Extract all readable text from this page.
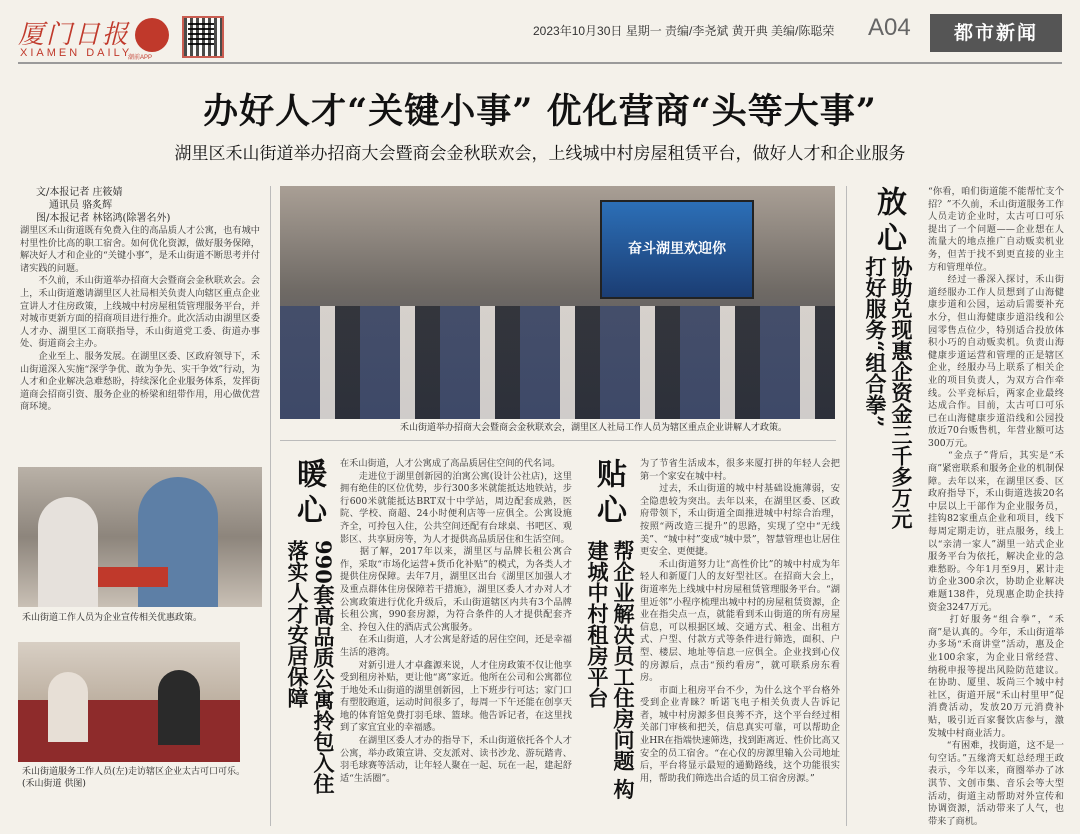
厦门日报
XIAMEN DAILY
潮前APP
2023年10月30日 星期一 责编/李尧斌 黄开典 美编/陈聪荣 A04	都市新闻
办好人才“关键小事” 优化营商“头等大事”
湖里区禾山街道举办招商大会暨商会金秋联欢会，上线城中村房屋租赁平台，做好人才和企业服务
文/本报记者 庄筱婧
通讯员 骆炙辉
图/本报记者 林铭鸿(除署名外)
湖里区禾山街道既有免费入住的高品质人才公寓，也有城中村里性价比高的职工宿舍。如何优化资源，做好服务保障，解决好人才和企业的“关键小事”，是禾山街道不断思考并付诸实践的问题。
　　不久前，禾山街道举办招商大会暨商会金秋联欢会。会上，禾山街道邀请湖里区人社局相关负责人向辖区重点企业宣讲人才住房政策，上线城中村房屋租赁管理服务平台，并对城市更新方面的招商项目进行推介。此次活动由湖里区委人才办、湖里区工商联指导，禾山街道党工委、街道办事处、街道商会主办。
　　企业至上、服务发展。在湖里区委、区政府领导下，禾山街道深入实施“深学争优、敢为争先、实干争效”行动，为人才和企业解决急难愁盼，持续深化企业服务体系，发挥街道商会招商引资、服务企业的桥梁和纽带作用，用心做优营商环境。
禾山街道工作人员为企业宣传相关优惠政策。
禾山街道服务工作人员(左)走访辖区企业太古可口可乐。      (禾山街道 供图)
奋斗湖里欢迎你
禾山街道举办招商大会暨商会金秋联欢会，湖里区人社局工作人员为辖区重点企业讲解人才政策。
暖心
990套高品质公寓拎包入住 落实人才安居保障
在禾山街道，人才公寓成了高品质居住空间的代名词。
　　走进位于湖里创新园的泊寓公寓(设计公社店)，这里拥有绝佳的区位优势，步行300多米就能抵达地铁站，步行600米就能抵达BRT双十中学站，周边配套成熟，医院、学校、商超、24小时便利店等一应俱全。公寓设施齐全，可拎包入住，公共空间还配有台球桌、书吧区、观影区、共享厨房等，为人才提供高品质居住和生活空间。
　　据了解，2017年以来，湖里区与品牌长租公寓合作，采取“市场化运营+货币化补贴”的模式，为各类人才提供住房保障。去年7月，湖里区出台《湖里区加强人才及重点群体住房保障若干措施》，湖里区委人才办对人才公寓政策进行优化升级后，禾山街道辖区内共有3个品牌长租公寓，990套房源，为符合条件的人才提供配套齐全、拎包入住的酒店式公寓服务。
　　在禾山街道，人才公寓是舒适的居住空间，还是幸福生活的港湾。
　　对新引进人才卓鑫源来说，人才住房政策不仅让他享受到租房补贴，更让他“离”家近。他所在公司和公寓都位于地处禾山街道的湖里创新园，上下班步行可达；家门口有塑胶跑道，运动时间很多了，每周一下午还能在创享天地的体育馆免费打羽毛球、篮球。他告诉记者，在这里找到了家宜宜业的幸福感。
　　在湖里区委人才办的指导下，禾山街道依托各个人才公寓，举办政策宣讲、交友派对、读书沙龙、游玩踏青、羽毛球赛等活动，让年轻人聚在一起、玩在一起，建起舒适“生活圈”。
贴心
帮企业解决员工住房问题 构建城中村租房平台
为了节省生活成本，很多来厦打拼的年轻人会把第一个家安在城中村。
　　过去，禾山街道的城中村基础设施薄弱，安全隐患较为突出。去年以来，在湖里区委、区政府带领下，禾山街道全面推进城中村综合治理，按照“两改造三提升”的思路，实现了空中“无线美”、“城中村”变成“城中景”，智慧管理也让居住更安全、更便捷。
　　禾山街道努力让“高性价比”的城中村成为年轻人和新厦门人的友好型社区。在招商大会上，街道率先上线城中村房屋租赁管理服务平台。“湖里近邻”小程序梳理出城中村的房屋租赁资源，企业在指尖点一点，就能看到禾山街道的所有房屋信息，可以根据区域、交通方式、租金、出租方式、户型、付款方式等条件进行筛选，面积、户型、楼层、地址等信息一应俱全。企业找到心仪的房源后，点击“预约看房”，就可联系房东看房。
　　市面上租房平台不少，为什么这个平台格外受到企业青睐？昕诺飞电子相关负责人告诉记者，城中村房源多但良莠不齐，这个平台经过相关部门审核和把关，信息真实可靠，可以帮助企业HR在指端快速筛选，找到距离近、性价比高又安全的员工宿舍。“在心仪的房源里输入公司地址后，平台将显示最短的通勤路线，这个功能很实用，帮助我们筛选出合适的员工宿舍房源。”
放心
协助兑现惠企资金三千多万元 打好服务“组合拳”
“你看，咱们街道能不能帮忙支个招？”不久前，禾山街道服务工作人员走访企业时，太古可口可乐提出了一个问题——企业想在人流量大的地点推广自动贩卖机业务，但苦于找不到更直接的业主方和管理单位。
　　经过一番深入探讨，禾山街道经服办工作人员想到了山海健康步道和公园，运动后需要补充水分，但山海健康步道沿线和公园零售点位少，特别适合投放体积小巧的自动贩卖机。负责山海健康步道运营和管理的正是辖区企业，经服办马上联系了相关企业的项目负责人，为双方合作牵线。公平竞标后，两家企业最终达成合作。目前，太古可口可乐已在山海健康步道沿线和公园投放近70台贩售机，年营业额可达300万元。
　　“金点子”背后，其实是“禾商”紧密联系和服务企业的机制保障。去年以来，在湖里区委、区政府指导下，禾山街道选拔20名中层以上干部作为企业服务员，挂钩82家重点企业和项目，线下每周定期走访，驻点服务，线上以“亲清一家人”湖里一站式企业服务平台为依托，解决企业的急难愁盼。今年1月至9月，累计走访企业300余次，协助企业解决难题138件，兑现惠企助企扶持资金3247万元。
　　打好服务“组合拳”，“禾商”是认真的。今年，禾山街道举办多场“禾商讲堂”活动，惠及企业100余家，为企业日常经营、纳税申报等提出风险防范建议。在协助、厦里、坂尚三个城中村社区，街道开展“禾山村里甲”促消费活动，发放20万元消费补贴，吸引近百家餐饮店参与，激发城中村商业活力。
　　“有困难，找街道，这不是一句空话。”五缘湾天虹总经理王政表示，今年以来，商圈举办了冰淇节、文创市集、音乐会等大型活动，街道主动帮助对外宣传和协调资源，活动带来了人气，也带来了商机。
